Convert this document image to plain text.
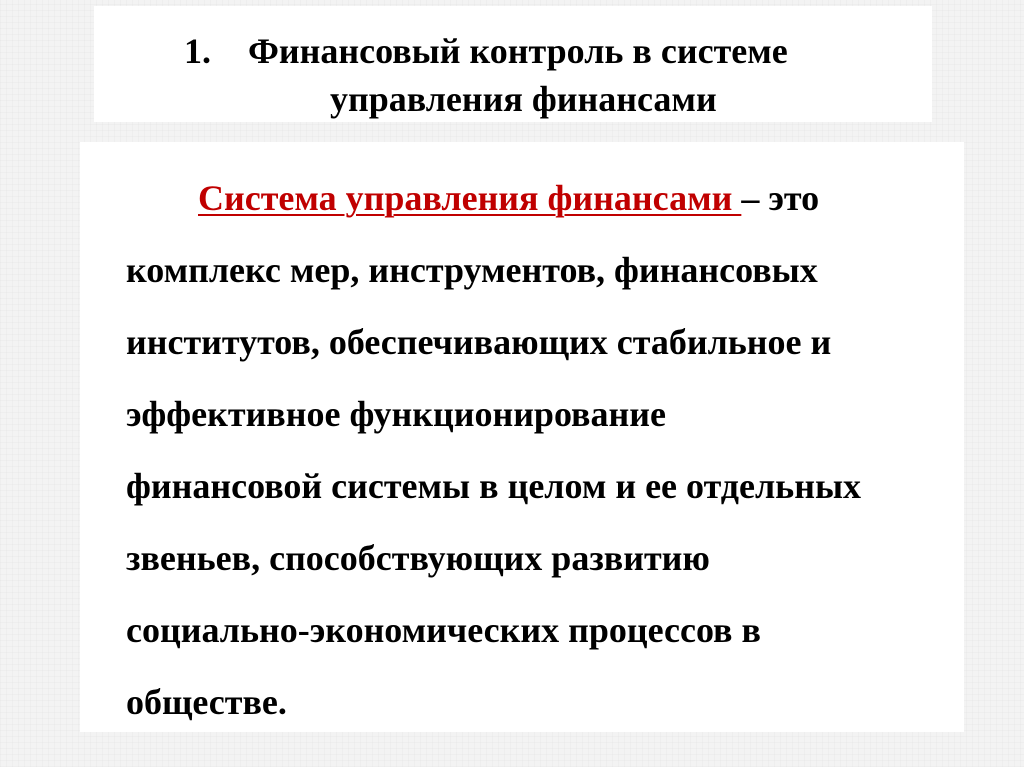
1. Финансовый контроль в системе
управления финансами

Система управления финансами – это
комплекс мер, инструментов, финансовых
институтов, обеспечивающих стабильное и
эффективное функционирование
финансовой системы в целом и ее отдельных
звеньев, способствующих развитию
социально-экономических процессов в
обществе.
